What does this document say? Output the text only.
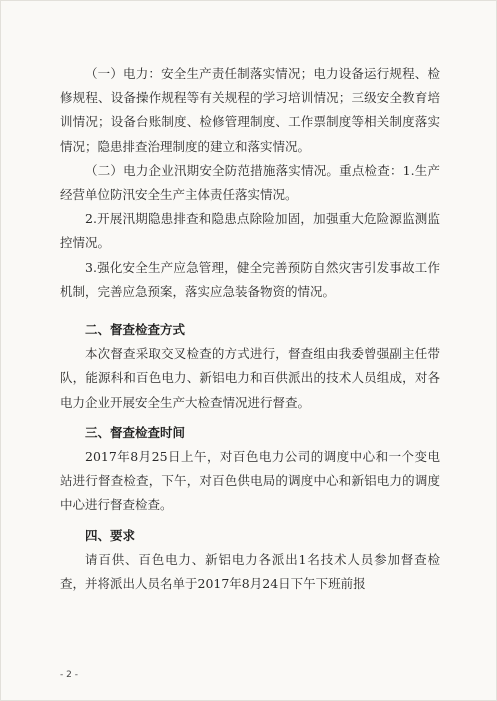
（一）电力：安全生产责任制落实情况；电力设备运行规程、检修规程、设备操作规程等有关规程的学习培训情况；三级安全教育培训情况；设备台账制度、检修管理制度、工作票制度等相关制度落实情况；隐患排查治理制度的建立和落实情况。

（二）电力企业汛期安全防范措施落实情况。重点检查：1.生产经营单位防汛安全生产主体责任落实情况。

2.开展汛期隐患排查和隐患点除险加固，加强重大危险源监测监控情况。

3.强化安全生产应急管理，健全完善预防自然灾害引发事故工作机制，完善应急预案，落实应急装备物资的情况。

二、督查检查方式

本次督查采取交叉检查的方式进行，督查组由我委曾强副主任带队，能源科和百色电力、新铝电力和百供派出的技术人员组成，对各电力企业开展安全生产大检查情况进行督查。

三、督查检查时间

2017年8月25日上午，对百色电力公司的调度中心和一个变电站进行督查检查，下午，对百色供电局的调度中心和新铝电力的调度中心进行督查检查。

四、要求

请百供、百色电力、新铝电力各派出1名技术人员参加督查检查，并将派出人员名单于2017年8月24日下午下班前报

- 2 -
